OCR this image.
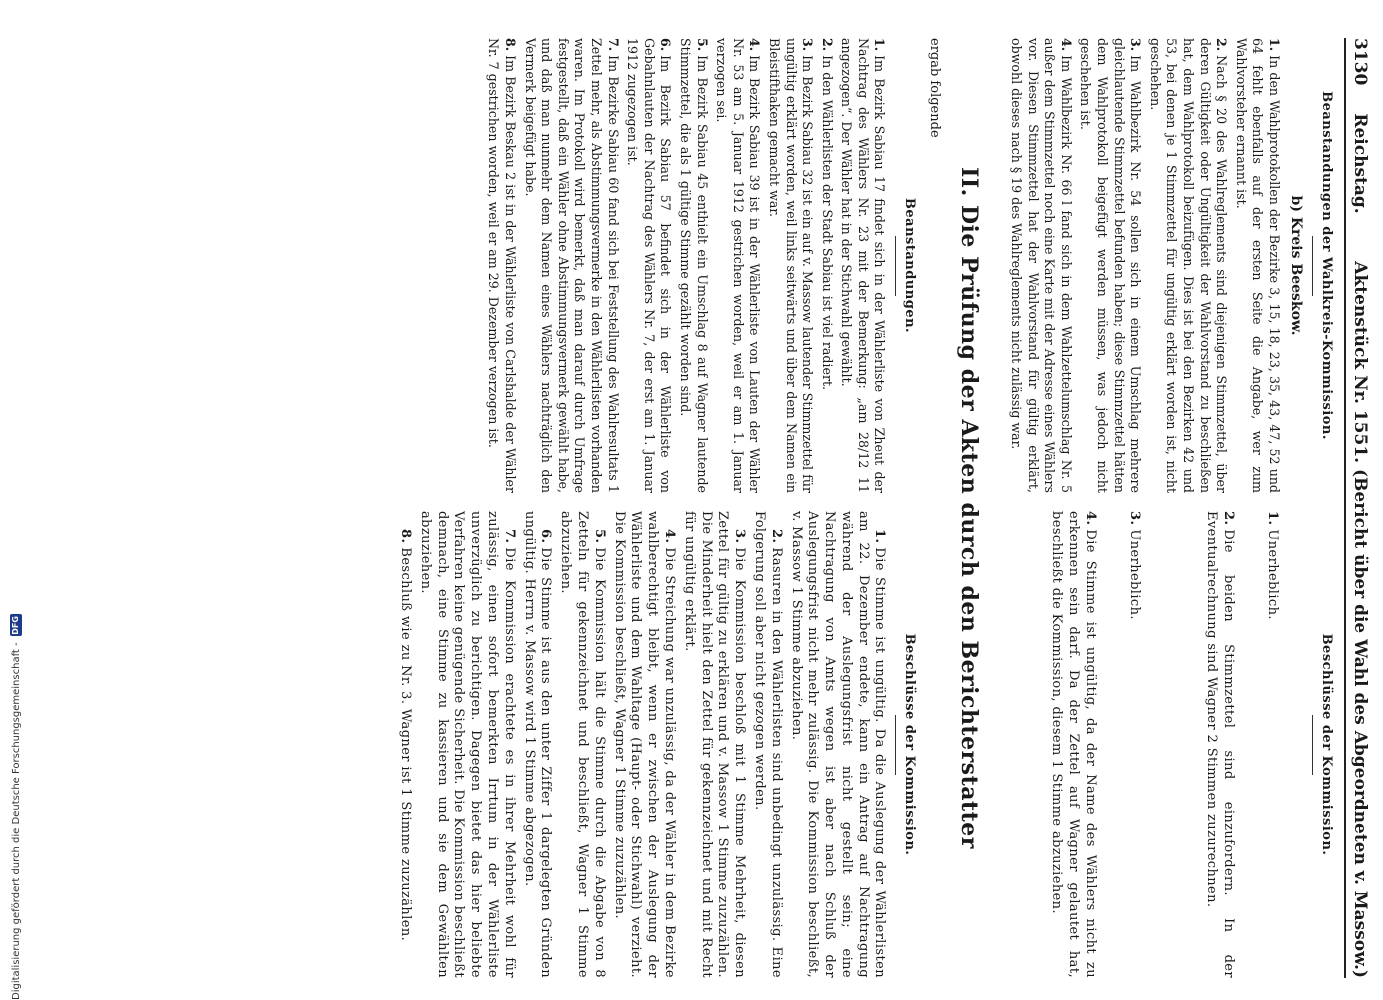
3130
Reichstag.
Aktenstück Nr. 1551. (Bericht über die Wahl des Abgeordneten v. Massow.)
Beanstandungen der Wahlkreis-Kommission.
b) Kreis Beeskow.

1.In den Wahlprotokollen der Bezirke 3, 15, 18, 23, 35, 43, 47, 52 und 64 fehlt ebenfalls auf der ersten Seite die Angabe, wer zum Wahlvorsteher ernannt ist.

2.Nach § 20 des Wahlreglements sind diejenigen Stimmzettel, über deren Gültigkeit oder Ungültigkeit der Wahlvorstand zu beschließen hat, dem Wahlprotokoll beizufügen. Dies ist bei den Bezirken 42 und 53, bei denen je 1 Stimmzettel für ungültig erklärt worden ist, nicht geschehen.

3.Im Wahlbezirk Nr. 54 sollen sich in einem Umschlag mehrere gleichlautende Stimmzettel befunden haben; diese Stimmzettel hätten dem Wahlprotokoll beigefügt werden müssen, was jedoch nicht geschehen ist.

4.Im Wahlbezirk Nr. 66 l fand sich in dem Wahlzettelumschlag Nr. 5 außer dem Stimmzettel noch eine Karte mit der Adresse eines Wählers vor. Diesen Stimmzettel hat der Wahlvorstand für gültig erklärt, obwohl dieses nach § 19 des Wahlreglements nicht zulässig war.

Beschlüsse der Kommission.

1.Unerheblich.

2.Die beiden Stimmzettel sind einzufordern. In der Eventualrechnung sind Wagner 2 Stimmen zuzurechnen.

3.Unerheblich.

4.Die Stimme ist ungültig, da der Name des Wählers nicht zu erkennen sein darf. Da der Zettel auf Wagner gelautet hat, beschließt die Kommission, diesem 1 Stimme abzuziehen.

II. Die Prüfung der Akten durch den Berichterstatter
ergab folgende
Beanstandungen.

1.Im Bezirk Sabiau 17 findet sich in der Wählerliste von Zheut der Nachtrag des Wählers Nr. 23 mit der Bemerkung: „am 28/12 11 angezogen“. Der Wähler hat in der Stichwahl gewählt.

2.In den Wählerlisten der Stadt Sabiau ist viel radiert.

3.Im Bezirk Sabiau 32 ist ein auf v. Massow lautender Stimmzettel für ungültig erklärt worden, weil links seitwärts und über dem Namen ein Bleistifthaken gemacht war.

4.Im Bezirk Sabiau 39 ist in der Wählerliste von Lauten der Wähler Nr. 53 am 5. Januar 1912 gestrichen worden, weil er am 1. Januar verzogen sei.

5.Im Bezirk Sabiau 45 enthielt ein Umschlag 8 auf Wagner lautende Stimmzettel, die als 1 gültige Stimme gezählt worden sind.

6.Im Bezirk Sabiau 57 befindet sich in der Wählerliste von Gebahnlauten der Nachtrag des Wählers Nr. 7, der erst am 1. Januar 1912 zugezogen ist.

7.Im Bezirke Sabiau 60 fand sich bei Feststellung des Wahlresultats 1 Zettel mehr, als Abstimmungsvermerke in den Wählerlisten vorhanden waren. Im Protokoll wird bemerkt, daß man darauf durch Umfrage festgestellt, daß ein Wähler ohne Abstimmungsvermerk gewählt habe, und daß man nunmehr dem Namen eines Wählers nachträglich den Vermerk beigefügt habe.

8.Im Bezirk Beskau 2 ist in der Wählerliste von Carlshalde der Wähler Nr. 7 gestrichen worden, weil er am 29. Dezember verzogen ist.

Beschlüsse der Kommission.

1.Die Stimme ist ungültig. Da die Auslegung der Wählerlisten am 22. Dezember endete, kann ein Antrag auf Nachtragung während der Auslegungsfrist nicht gestellt sein; eine Nachtragung von Amts wegen ist aber nach Schluß der Auslegungsfrist nicht mehr zulässig. Die Kommission beschließt, v. Massow 1 Stimme abzuziehen.

2.Rasuren in den Wählerlisten sind unbedingt unzulässig. Eine Folgerung soll aber nicht gezogen werden.

3.Die Kommission beschloß mit 1 Stimme Mehrheit, diesen Zettel für gültig zu erklären und v. Massow 1 Stimme zuzuzählen. Die Minderheit hielt den Zettel für gekennzeichnet und mit Recht für ungültig erklärt.

4.Die Streichung war unzulässig, da der Wähler in dem Bezirke wahlberechtigt bleibt, wenn er zwischen der Auslegung der Wählerliste und dem Wahltage (Haupt- oder Stichwahl) verzieht. Die Kommission beschließt, Wagner 1 Stimme zuzuzählen.

5.Die Kommission hält die Stimme durch die Abgabe von 8 Zetteln für gekennzeichnet und beschließt, Wagner 1 Stimme abzuziehen.

6.Die Stimme ist aus den unter Ziffer 1 dargelegten Gründen ungültig. Herrn v. Massow wird 1 Stimme abgezogen.

7.Die Kommission erachtete es in ihrer Mehrheit wohl für zulässig, einen sofort bemerkten Irrtum in der Wählerliste unverzüglich zu berichtigen. Dagegen bietet das hier beliebte Verfahren keine genügende Sicherheit. Die Kommission beschließt demnach, eine Stimme zu kassieren und sie dem Gewählten abzuziehen.

8.Beschluß wie zu Nr. 3. Wagner ist 1 Stimme zuzuzählen.

Digitalisierung gefördert durch die Deutsche Forschungsgemeinschaft -
DFG
